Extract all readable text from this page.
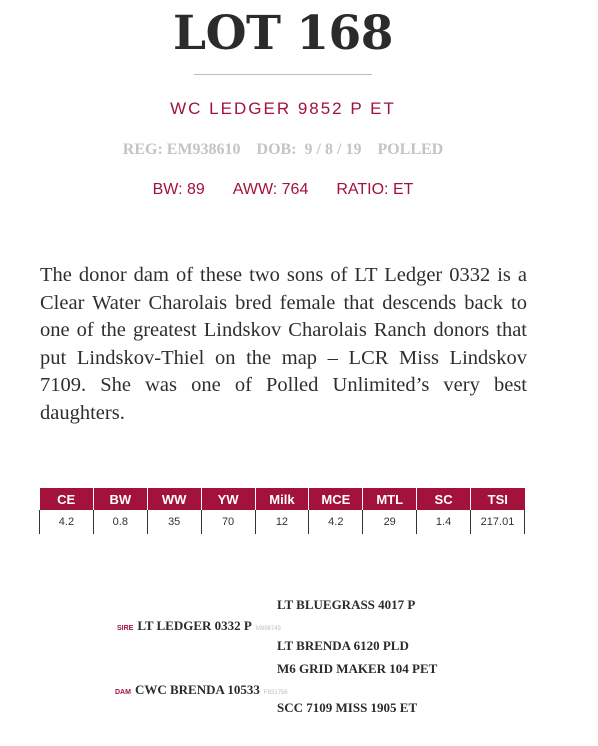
LOT 168
WC LEDGER 9852 P ET
REG: EM938610 DOB:  9 / 8 / 19 POLLED
BW: 89 AWW: 764 RATIO: ET
The donor dam of these two sons of LT Ledger 0332 is a Clear Water Charolais bred female that descends back to one of the greatest Lindskov Charolais Ranch donors that put Lindskov-Thiel on the map – LCR Miss Lindskov 7109. She was one of Polled Unlimited’s very best daughters.
CE	BW	WW	YW	Milk	MCE	MTL	SC	TSI
4.2	0.8	35	70	12	4.2	29	1.4	217.01
LT BLUEGRASS 4017 P
SIRE LT LEDGER 0332 P M898749
LT BRENDA 6120 PLD
M6 GRID MAKER 104 PET
DAM CWC BRENDA 10533 F831756
SCC 7109 MISS 1905 ET
